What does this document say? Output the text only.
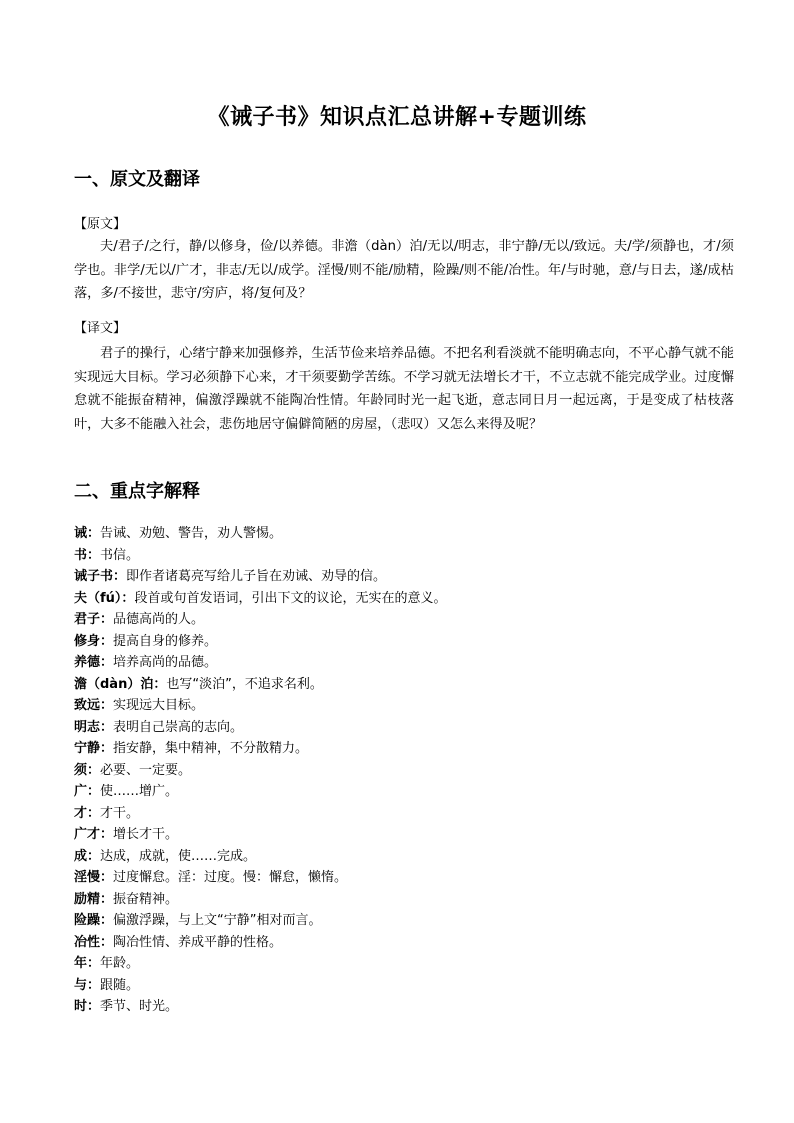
《诫子书》知识点汇总讲解+专题训练
一、原文及翻译
【原文】
夫/君子/之行，静/以修身，俭/以养德。非澹（dàn）泊/无以/明志，非宁静/无以/致远。夫/学/须静也，才/须学也。非学/无以/广才，非志/无以/成学。淫慢/则不能/励精，险躁/则不能/冶性。年/与时驰，意/与日去，遂/成枯落，多/不接世，悲守/穷庐，将/复何及？
【译文】
君子的操行，心绪宁静来加强修养，生活节俭来培养品德。不把名利看淡就不能明确志向，不平心静气就不能实现远大目标。学习必须静下心来，才干须要勤学苦练。不学习就无法增长才干，不立志就不能完成学业。过度懈怠就不能振奋精神，偏激浮躁就不能陶冶性情。年龄同时光一起飞逝，意志同日月一起远离，于是变成了枯枝落叶，大多不能融入社会，悲伤地居守偏僻简陋的房屋，（悲叹）又怎么来得及呢？
二、重点字解释
诫：告诫、劝勉、警告，劝人警惕。
书：书信。
诫子书：即作者诸葛亮写给儿子旨在劝诫、劝导的信。
夫（fú）：段首或句首发语词，引出下文的议论，无实在的意义。
君子：品德高尚的人。
修身：提高自身的修养。
养德：培养高尚的品德。
澹（dàn）泊：也写“淡泊”，不追求名利。
致远：实现远大目标。
明志：表明自己崇高的志向。
宁静：指安静，集中精神，不分散精力。
须：必要、一定要。
广：使……增广。
才：才干。
广才：增长才干。
成：达成，成就，使……完成。
淫慢：过度懈怠。淫：过度。慢：懈怠，懒惰。
励精：振奋精神。
险躁：偏激浮躁，与上文“宁静”相对而言。
冶性：陶冶性情、养成平静的性格。
年：年龄。
与：跟随。
时：季节、时光。
